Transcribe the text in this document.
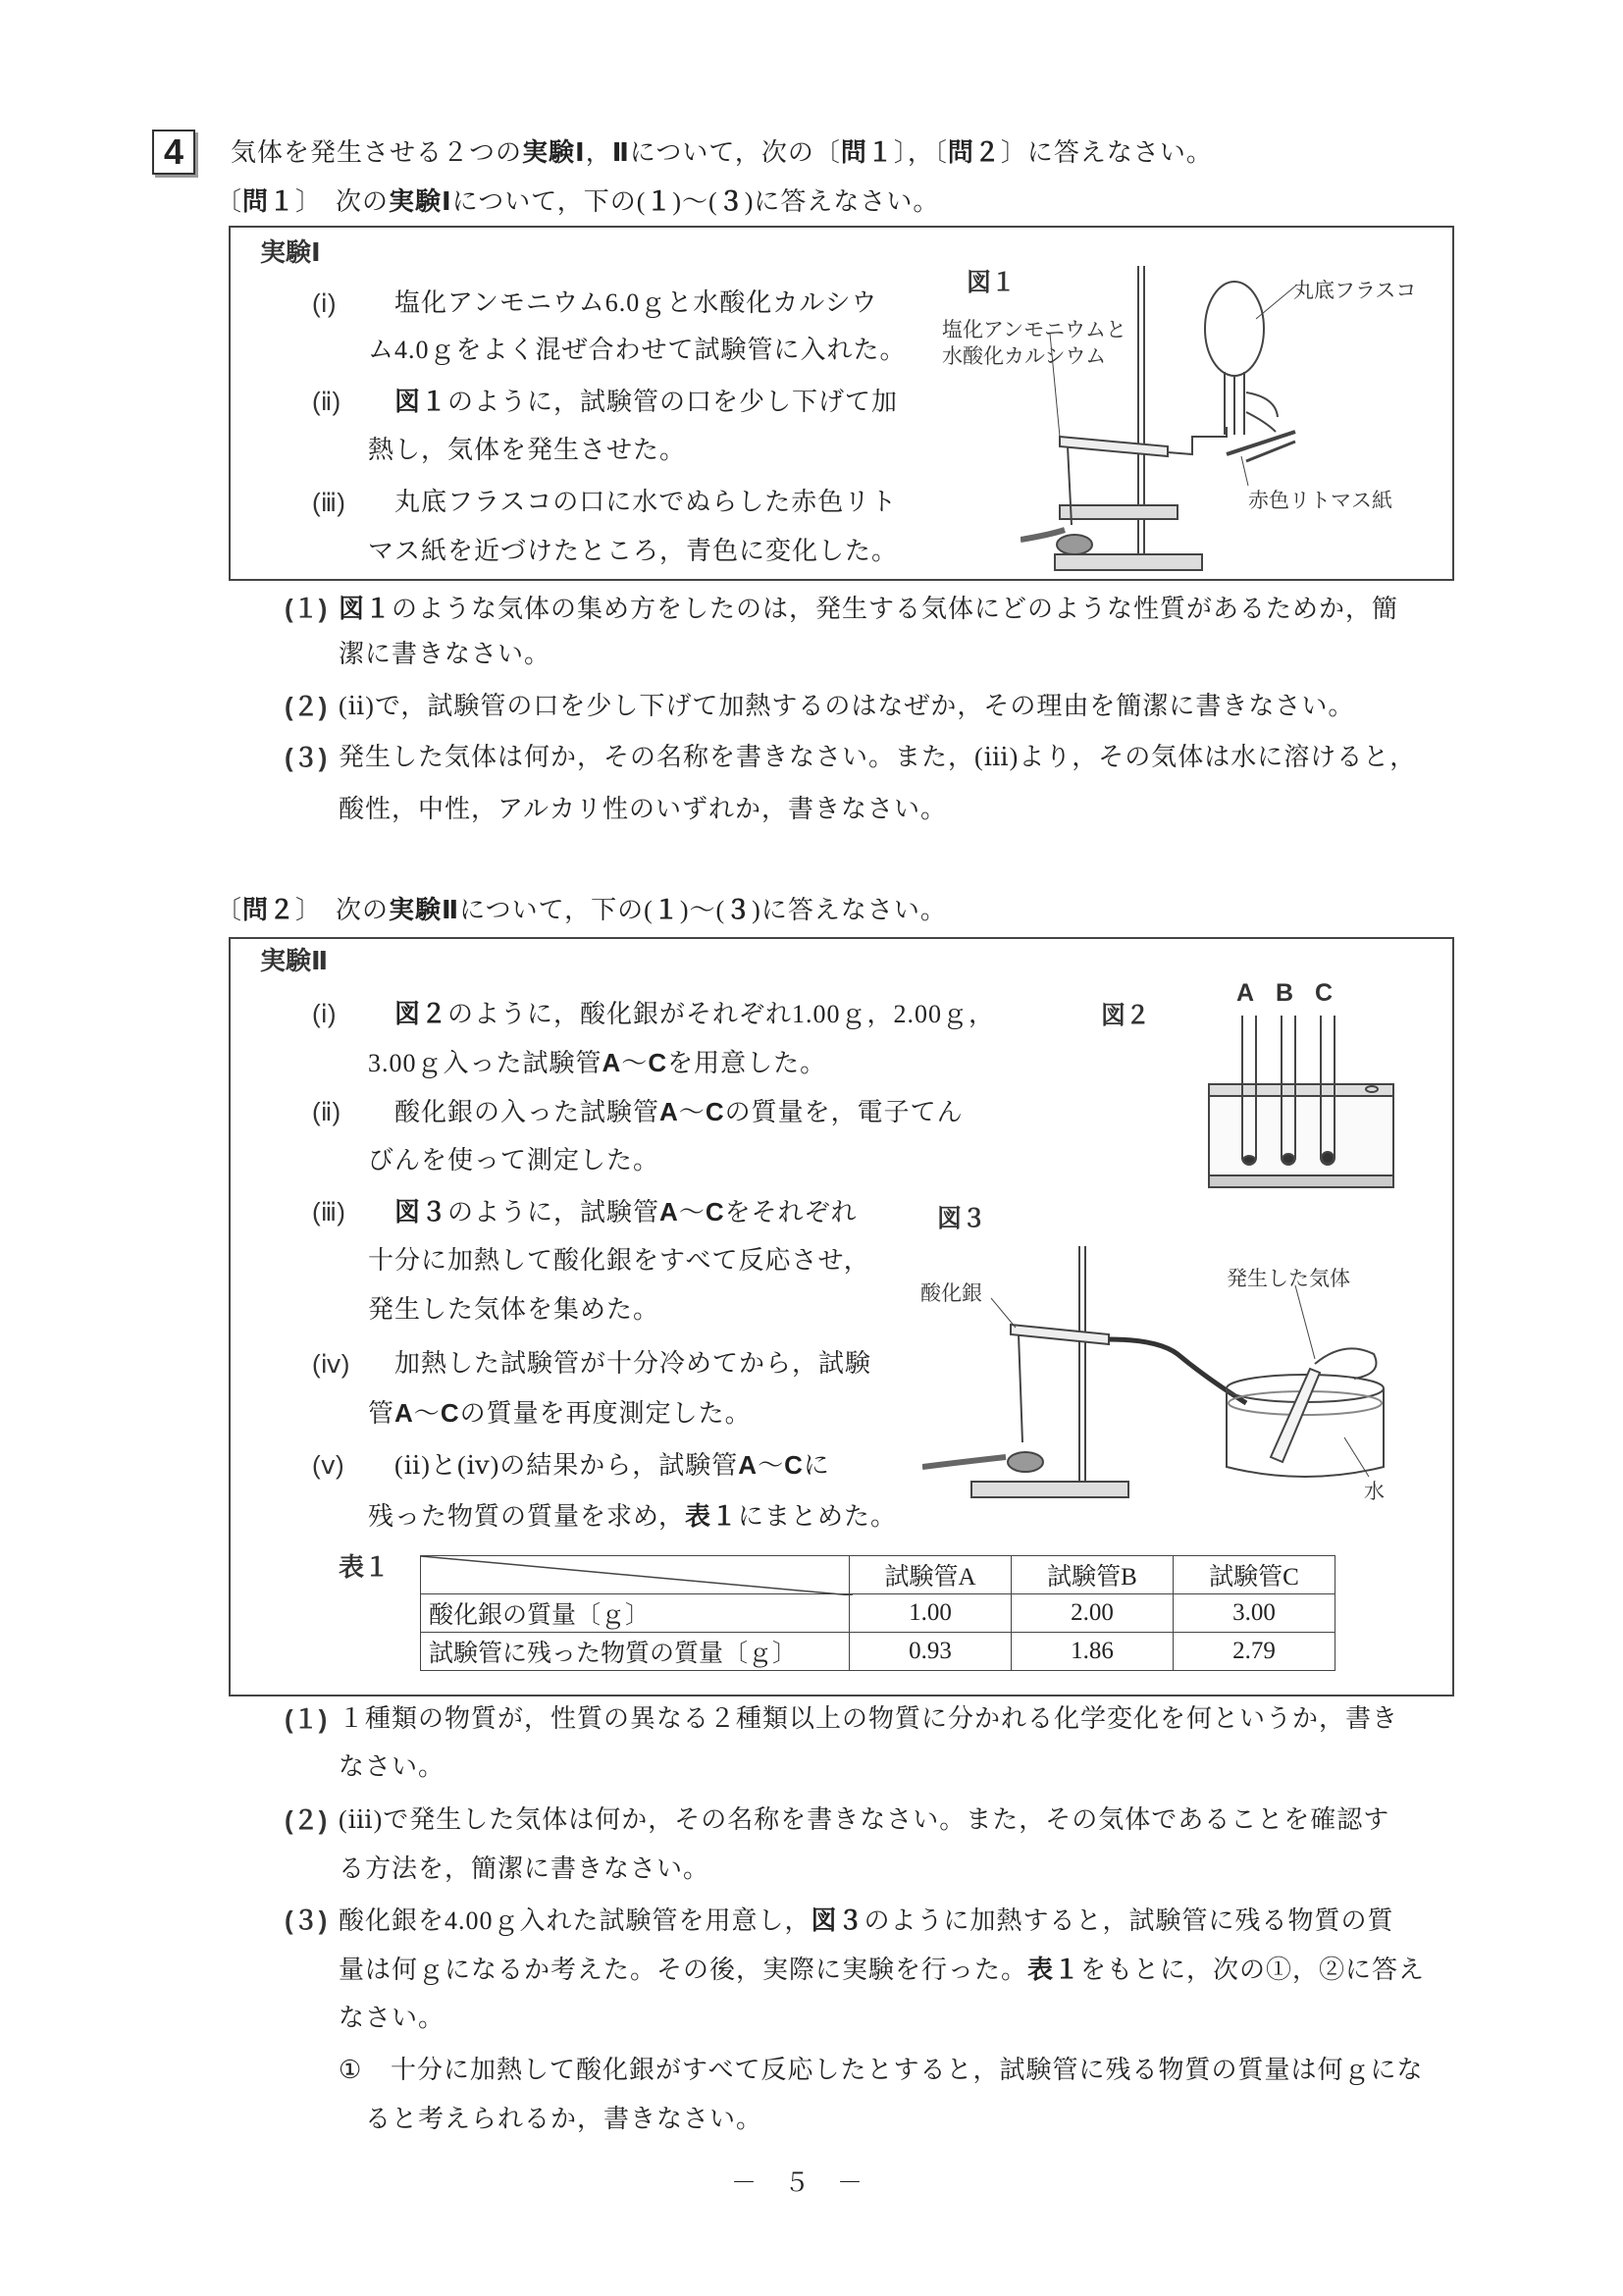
4	気体を発生させる２つの実験Ⅰ，Ⅱについて，次の〔問１〕，〔問２〕に答えなさい。
〔問１〕　次の実験Ⅰについて，下の(１)～(３)に答えなさい。
実験Ⅰ
(ⅰ) 塩化アンモニウム6.0ｇと水酸化カルシウ
ム4.0ｇをよく混ぜ合わせて試験管に入れた。
(ⅱ) 図１のように，試験管の口を少し下げて加
熱し，気体を発生させた。
(ⅲ) 丸底フラスコの口に水でぬらした赤色リト
マス紙を近づけたところ，青色に変化した。
図１
塩化アンモニウムと
水酸化カルシウム
丸底フラスコ
赤色リトマス紙
(１) 図１のような気体の集め方をしたのは，発生する気体にどのような性質があるためか，簡
潔に書きなさい。
(２) (ⅱ)で，試験管の口を少し下げて加熱するのはなぜか，その理由を簡潔に書きなさい。
(３) 発生した気体は何か，その名称を書きなさい。また，(ⅲ)より，その気体は水に溶けると，
酸性，中性，アルカリ性のいずれか，書きなさい。
〔問２〕　次の実験Ⅱについて，下の(１)～(３)に答えなさい。
実験Ⅱ
(ⅰ) 図２のように，酸化銀がそれぞれ1.00ｇ，2.00ｇ，
3.00ｇ入った試験管A～Cを用意した。
(ⅱ) 酸化銀の入った試験管A～Cの質量を，電子てん
びんを使って測定した。
(ⅲ) 図３のように，試験管A～Cをそれぞれ
十分に加熱して酸化銀をすべて反応させ，
発生した気体を集めた。
(ⅳ) 加熱した試験管が十分冷めてから，試験
管A～Cの質量を再度測定した。
(ⅴ) (ⅱ)と(ⅳ)の結果から，試験管A～Cに
残った物質の質量を求め，表１にまとめた。
図２
A B C
図３
酸化銀
発生した気体
水
表１
		試験管A	試験管B	試験管C
酸化銀の質量〔ｇ〕	1.00	2.00	3.00
試験管に残った物質の質量〔ｇ〕	0.93	1.86	2.79
(１) １種類の物質が，性質の異なる２種類以上の物質に分かれる化学変化を何というか，書き
なさい。
(２) (ⅲ)で発生した気体は何か，その名称を書きなさい。また，その気体であることを確認す
る方法を，簡潔に書きなさい。
(３) 酸化銀を4.00ｇ入れた試験管を用意し，図３のように加熱すると，試験管に残る物質の質
量は何ｇになるか考えた。その後，実際に実験を行った。表１をもとに，次の①，②に答え
なさい。
① 十分に加熱して酸化銀がすべて反応したとすると，試験管に残る物質の質量は何ｇにな
ると考えられるか，書きなさい。
－　５　－
